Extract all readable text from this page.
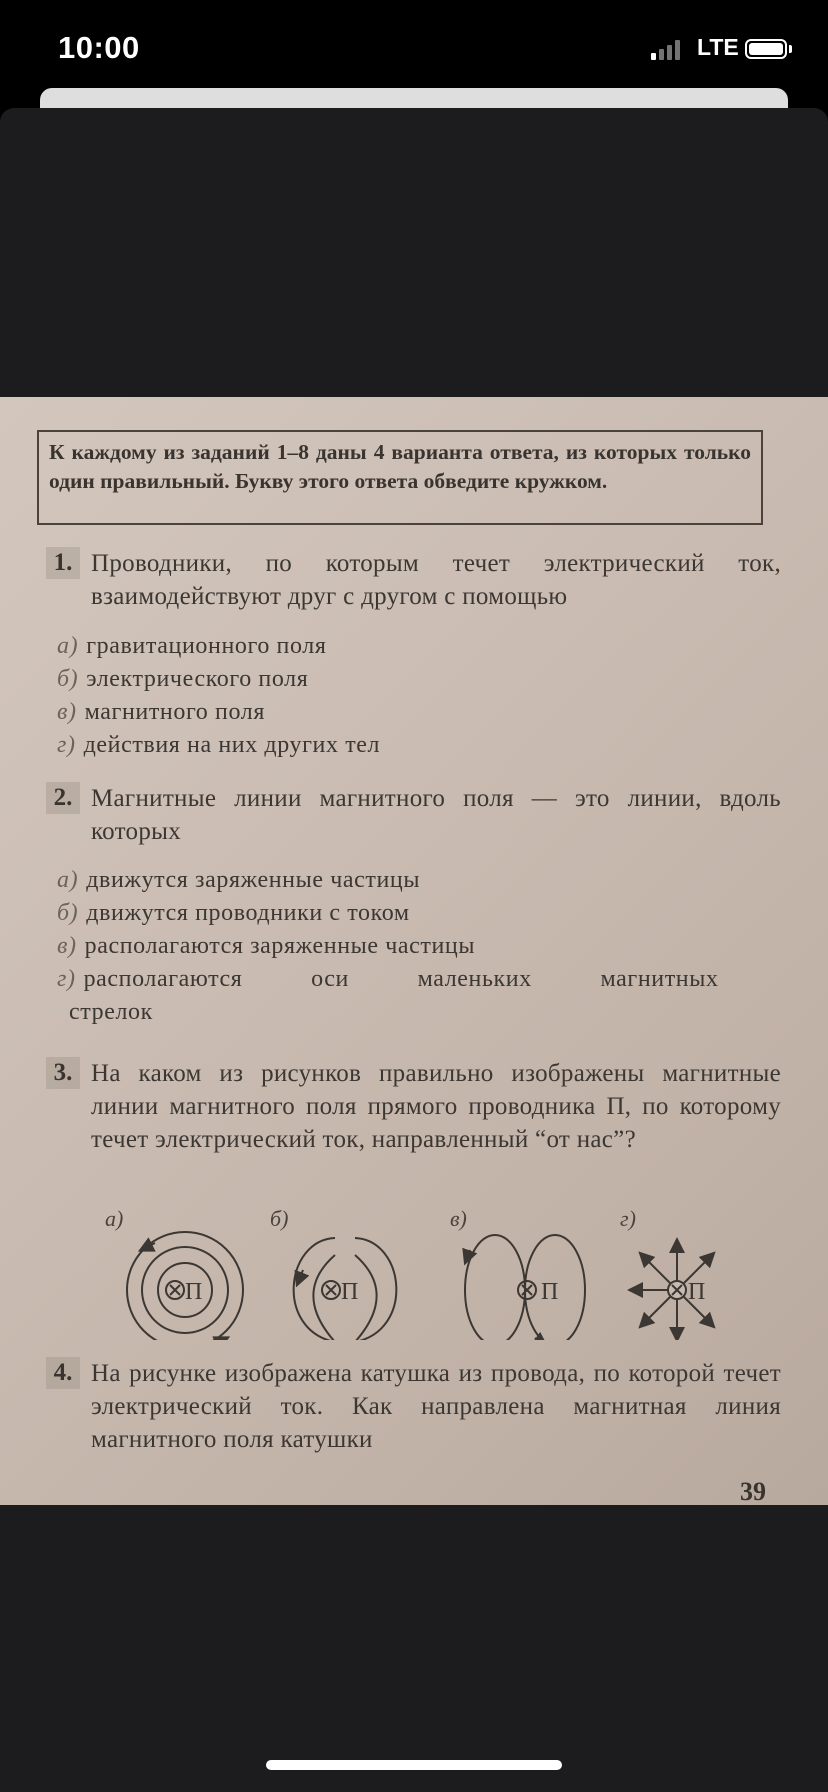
10:00	LTE
К каждому из заданий 1–8 даны 4 варианта ответа, из которых только один правильный. Букву этого ответа обведите кружком.
1. Проводники, по которым течет электрический ток, взаимодействуют друг с другом с помощью
а) гравитационного поля
б) электрического поля
в) магнитного поля
г) действия на них других тел
2. Магнитные линии магнитного поля — это линии, вдоль которых
а) движутся заряженные частицы
б) движутся проводники с током
в) располагаются заряженные частицы
г) располагаются оси маленьких магнитных
стрелок
3. На каком из рисунков правильно изображены магнитные линии магнитного поля прямого проводника П, по которому течет электрический ток, направленный “от нас”?
а)
П
б)
П
в)
П
г)
П
4. На рисунке изображена катушка из провода, по которой течет электрический ток. Как направлена магнитная линия магнитного поля катушки
39
